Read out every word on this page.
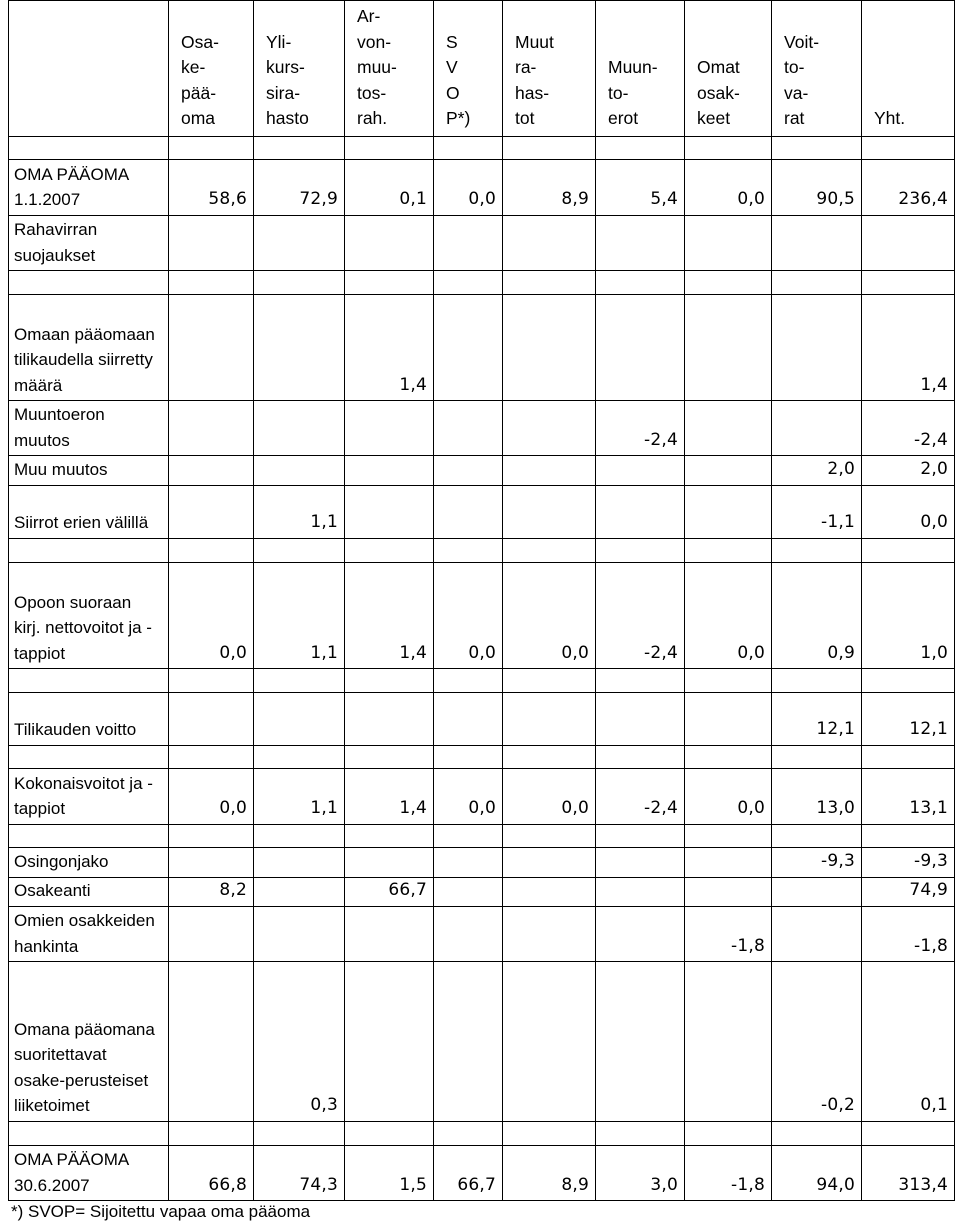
	Osa-
ke-
pää-
oma	Yli-
kurs-
sira-
hasto	Ar-
von-
muu-
tos-
rah.	S
V
O
P*)	Muut
ra-
has-
tot	Muun-
to-
erot	Omat
osak-
keet	Voit-
to-
va-
rat	Yht.

OMA PÄÄOMA 1.1.2007	58,6	72,9	0,1	0,0	8,9	5,4	0,0	90,5	236,4
Rahavirran suojaukset									

Omaan pääomaan tilikaudella siirretty määrä			1,4						1,4
Muuntoeron muutos						-2,4			-2,4
Muu muutos								2,0	2,0
Siirrot erien välillä		1,1						-1,1	0,0

Opoon suoraan kirj. nettovoitot ja -tappiot	0,0	1,1	1,4	0,0	0,0	-2,4	0,0	0,9	1,0

Tilikauden voitto								12,1	12,1

Kokonaisvoitot ja -tappiot	0,0	1,1	1,4	0,0	0,0	-2,4	0,0	13,0	13,1

Osingonjako								-9,3	-9,3
Osakeanti	8,2		66,7						74,9
Omien osakkeiden hankinta							-1,8		-1,8
Omana pääomana suoritettavat osake-perusteiset liiketoimet		0,3						-0,2	0,1

OMA PÄÄOMA 30.6.2007	66,8	74,3	1,5	66,7	8,9	3,0	-1,8	94,0	313,4
*) SVOP= Sijoitettu vapaa oma pääoma
